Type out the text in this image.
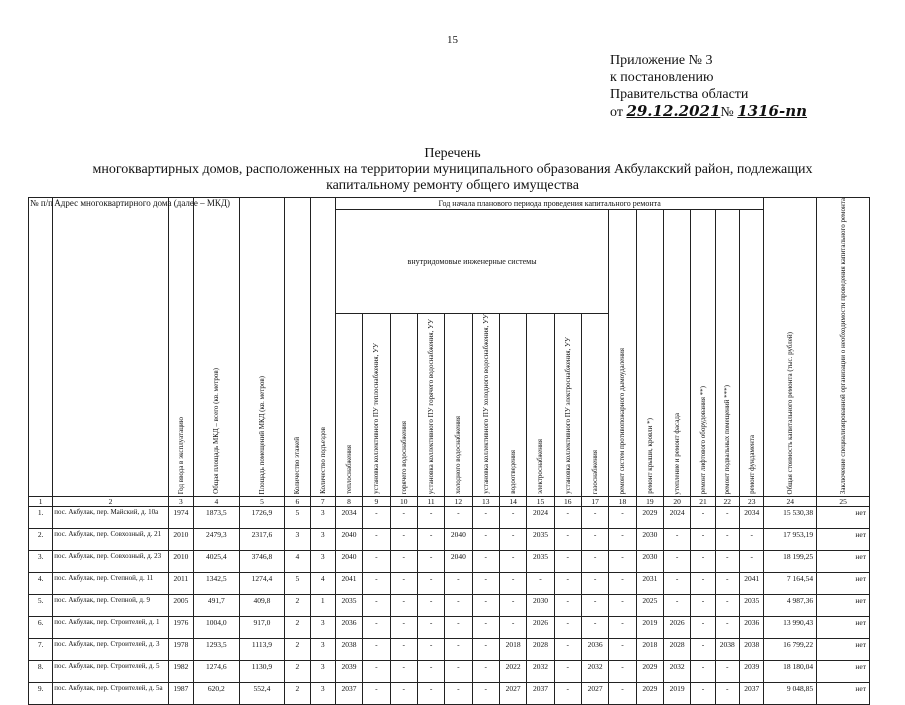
15
Приложение № 3
к постановлению
Правительства области
от 29.12.2021№ 1316-пп
Перечень
многоквартирных домов, расположенных на территории муниципального образования Акбулакский район, подлежащих
капитальному ремонту общего имущества
№ п/п	Адрес многоквартирного дома (далее – МКД)	Год ввода в эксплуатацию	Общая площадь МКД – всего (кв. метров)	Площадь помещений МКД (кв. метров)	Количество этажей	Количество подъездов	Год начала планового периода проведения капитального ремонта																Общая стоимость капитального ремонта (тыс. рублей)	Заключение специализированной организации о необходимости проведения капитального ремонта
							внутридомовые инженерные системы										ремонт систем противопожарного дымоудаления	ремонт крыши, кровли *)	утепление и ремонт фасада	ремонт лифтового оборудования **)	ремонт подвальных помещений ***)	ремонт фундамента		
							теплоснабжения	установка коллективного ПУ теплоснабжения, УУ	горячего водоснабжения	установка коллективного ПУ горячего водоснабжения, УУ	холодного водоснабжения	установка коллективного ПУ холодного водоснабжения, УУ	водоотведения	электроснабжения	установка коллективного ПУ электроснабжения, УУ	газоснабжения								
1	2	3	4	5	6	7	8	9	10	11	12	13	14	15	16	17	18	19	20	21	22	23	24	25
1.	пос. Акбулак, пер. Майский, д. 10а	1974	1873,5	1726,9	5	3	2034	-	-	-	-	-	-	2024	-	-	-	2029	2024	-	-	2034	15 530,38	нет
2.	пос. Акбулак, пер. Совхозный, д. 21	2010	2479,3	2317,6	3	3	2040	-	-	-	2040	-	-	2035	-	-	-	2030	-	-	-	-	17 953,19	нет
3.	пос. Акбулак, пер. Совхозный, д. 23	2010	4025,4	3746,8	4	3	2040	-	-	-	2040	-	-	2035	-	-	-	2030	-	-	-	-	18 199,25	нет
4.	пос. Акбулак, пер. Степной, д. 11	2011	1342,5	1274,4	5	4	2041	-	-	-	-	-	-	-	-	-	-	2031	-	-	-	2041	7 164,54	нет
5.	пос. Акбулак, пер. Степной, д. 9	2005	491,7	409,8	2	1	2035	-	-	-	-	-	-	2030	-	-	-	2025	-	-	-	2035	4 987,36	нет
6.	пос. Акбулак, пер. Строителей, д. 1	1976	1004,0	917,0	2	3	2036	-	-	-	-	-	-	2026	-	-	-	2019	2026	-	-	2036	13 990,43	нет
7.	пос. Акбулак, пер. Строителей, д. 3	1978	1293,5	1113,9	2	3	2038	-	-	-	-	-	2018	2028	-	2036	-	2018	2028	-	2038	2038	16 799,22	нет
8.	пос. Акбулак, пер. Строителей, д. 5	1982	1274,6	1130,9	2	3	2039	-	-	-	-	-	2022	2032	-	2032	-	2029	2032	-	-	2039	18 180,04	нет
9.	пос. Акбулак, пер. Строителей, д. 5а	1987	620,2	552,4	2	3	2037	-	-	-	-	-	2027	2037	-	2027	-	2029	2019	-	-	2037	9 048,85	нет
